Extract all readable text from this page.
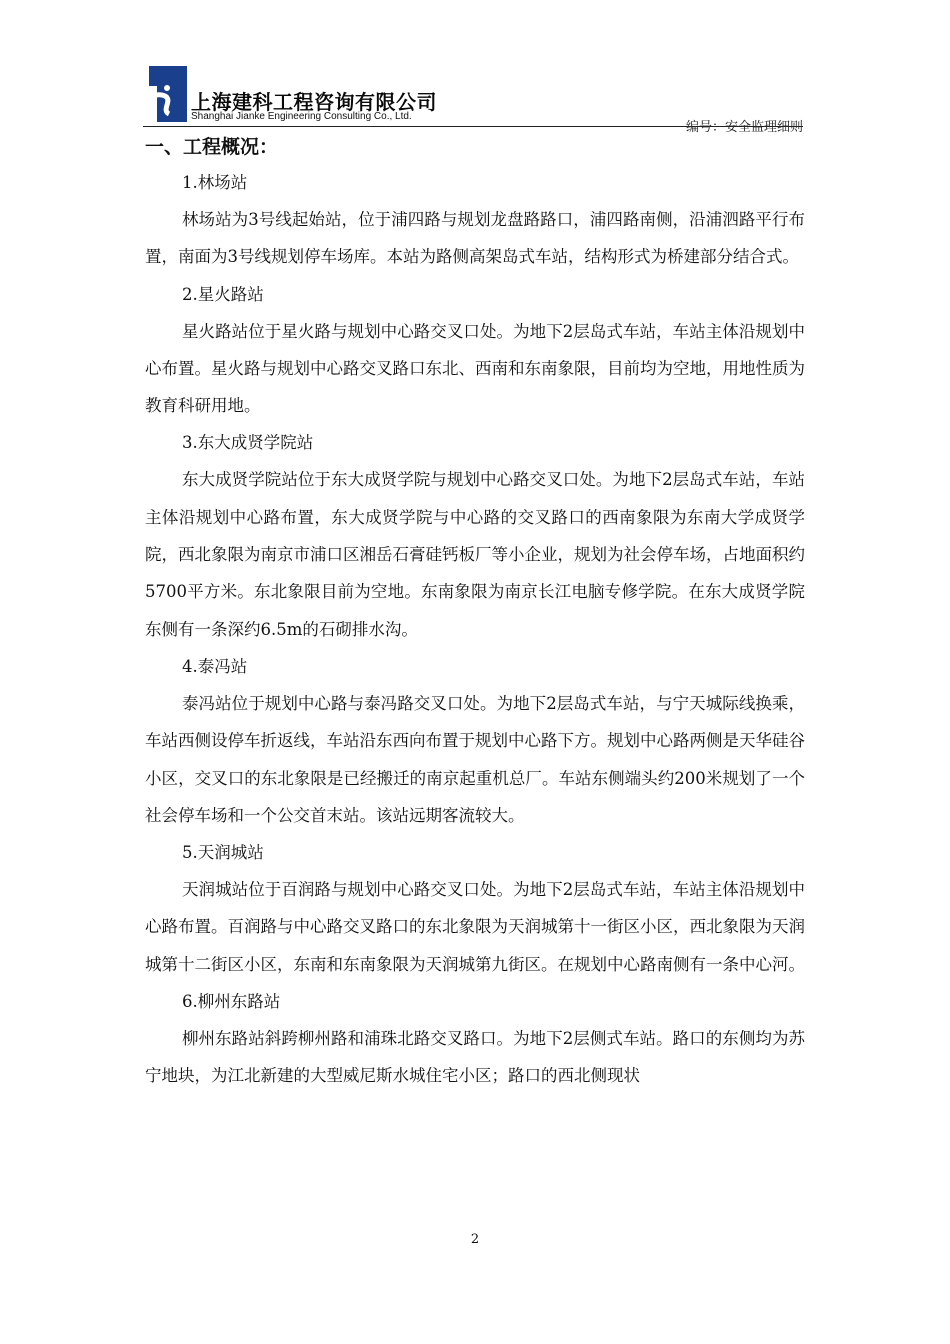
上海建科工程咨询有限公司
Shanghai Jianke Engineering Consulting Co., Ltd.
编号：安全监理细则
一、工程概况：

1.林场站

林场站为3号线起始站，位于浦四路与规划龙盘路路口，浦四路南侧，沿浦泗路平行布置，南面为3号线规划停车场库。本站为路侧高架岛式车站，结构形式为桥建部分结合式。

2.星火路站

星火路站位于星火路与规划中心路交叉口处。为地下2层岛式车站，车站主体沿规划中心布置。星火路与规划中心路交叉路口东北、西南和东南象限，目前均为空地，用地性质为教育科研用地。

3.东大成贤学院站

东大成贤学院站位于东大成贤学院与规划中心路交叉口处。为地下2层岛式车站，车站主体沿规划中心路布置，东大成贤学院与中心路的交叉路口的西南象限为东南大学成贤学院，西北象限为南京市浦口区湘岳石膏硅钙板厂等小企业，规划为社会停车场，占地面积约5700平方米。东北象限目前为空地。东南象限为南京长江电脑专修学院。在东大成贤学院东侧有一条深约6.5m的石砌排水沟。

4.泰冯站

泰冯站位于规划中心路与泰冯路交叉口处。为地下2层岛式车站，与宁天城际线换乘，车站西侧设停车折返线，车站沿东西向布置于规划中心路下方。规划中心路两侧是天华硅谷小区，交叉口的东北象限是已经搬迁的南京起重机总厂。车站东侧端头约200米规划了一个社会停车场和一个公交首末站。该站远期客流较大。

5.天润城站

天润城站位于百润路与规划中心路交叉口处。为地下2层岛式车站，车站主体沿规划中心路布置。百润路与中心路交叉路口的东北象限为天润城第十一街区小区，西北象限为天润城第十二街区小区，东南和东南象限为天润城第九街区。在规划中心路南侧有一条中心河。

6.柳州东路站

柳州东路站斜跨柳州路和浦珠北路交叉路口。为地下2层侧式车站。路口的东侧均为苏宁地块，为江北新建的大型威尼斯水城住宅小区；路口的西北侧现状

2
